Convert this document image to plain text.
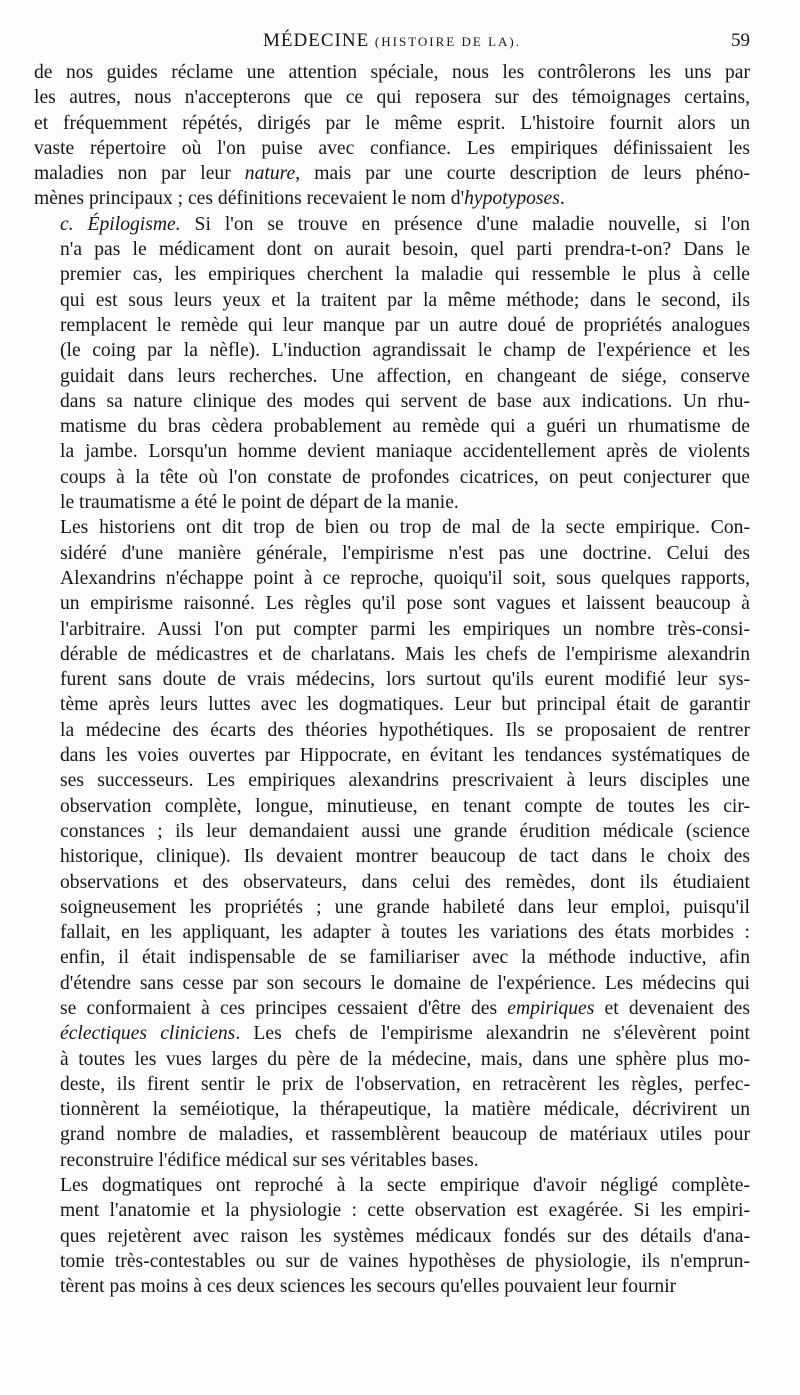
MÉDECINE (HISTOIRE DE LA).	59

de nos guides réclame une attention spéciale, nous les contrôlerons les uns par
les autres, nous n'accepterons que ce qui reposera sur des témoignages certains,
et fréquemment répétés, dirigés par le même esprit. L'histoire fournit alors un
vaste répertoire où l'on puise avec confiance. Les empiriques définissaient les
maladies non par leur nature, mais par une courte description de leurs phéno-
mènes principaux ; ces définitions recevaient le nom d'hypotyposes.

c. Épilogisme. Si l'on se trouve en présence d'une maladie nouvelle, si l'on
n'a pas le médicament dont on aurait besoin, quel parti prendra-t-on? Dans le
premier cas, les empiriques cherchent la maladie qui ressemble le plus à celle
qui est sous leurs yeux et la traitent par la même méthode; dans le second, ils
remplacent le remède qui leur manque par un autre doué de propriétés analogues
(le coing par la nèfle). L'induction agrandissait le champ de l'expérience et les
guidait dans leurs recherches. Une affection, en changeant de siége, conserve
dans sa nature clinique des modes qui servent de base aux indications. Un rhu-
matisme du bras cèdera probablement au remède qui a guéri un rhumatisme de
la jambe. Lorsqu'un homme devient maniaque accidentellement après de violents
coups à la tête où l'on constate de profondes cicatrices, on peut conjecturer que
le traumatisme a été le point de départ de la manie.

Les historiens ont dit trop de bien ou trop de mal de la secte empirique. Con-
sidéré d'une manière générale, l'empirisme n'est pas une doctrine. Celui des
Alexandrins n'échappe point à ce reproche, quoiqu'il soit, sous quelques rapports,
un empirisme raisonné. Les règles qu'il pose sont vagues et laissent beaucoup à
l'arbitraire. Aussi l'on put compter parmi les empiriques un nombre très-consi-
dérable de médicastres et de charlatans. Mais les chefs de l'empirisme alexandrin
furent sans doute de vrais médecins, lors surtout qu'ils eurent modifié leur sys-
tème après leurs luttes avec les dogmatiques. Leur but principal était de garantir
la médecine des écarts des théories hypothétiques. Ils se proposaient de rentrer
dans les voies ouvertes par Hippocrate, en évitant les tendances systématiques de
ses successeurs. Les empiriques alexandrins prescrivaient à leurs disciples une
observation complète, longue, minutieuse, en tenant compte de toutes les cir-
constances ; ils leur demandaient aussi une grande érudition médicale (science
historique, clinique). Ils devaient montrer beaucoup de tact dans le choix des
observations et des observateurs, dans celui des remèdes, dont ils étudiaient
soigneusement les propriétés ; une grande habileté dans leur emploi, puisqu'il
fallait, en les appliquant, les adapter à toutes les variations des états morbides :
enfin, il était indispensable de se familiariser avec la méthode inductive, afin
d'étendre sans cesse par son secours le domaine de l'expérience. Les médecins qui
se conformaient à ces principes cessaient d'être des empiriques et devenaient des
éclectiques cliniciens. Les chefs de l'empirisme alexandrin ne s'élevèrent point
à toutes les vues larges du père de la médecine, mais, dans une sphère plus mo-
deste, ils firent sentir le prix de l'observation, en retracèrent les règles, perfec-
tionnèrent la seméiotique, la thérapeutique, la matière médicale, décrivirent un
grand nombre de maladies, et rassemblèrent beaucoup de matériaux utiles pour
reconstruire l'édifice médical sur ses véritables bases.

Les dogmatiques ont reproché à la secte empirique d'avoir négligé complète-
ment l'anatomie et la physiologie : cette observation est exagérée. Si les empiri-
ques rejetèrent avec raison les systèmes médicaux fondés sur des détails d'ana-
tomie très-contestables ou sur de vaines hypothèses de physiologie, ils n'emprun-
tèrent pas moins à ces deux sciences les secours qu'elles pouvaient leur fournir
